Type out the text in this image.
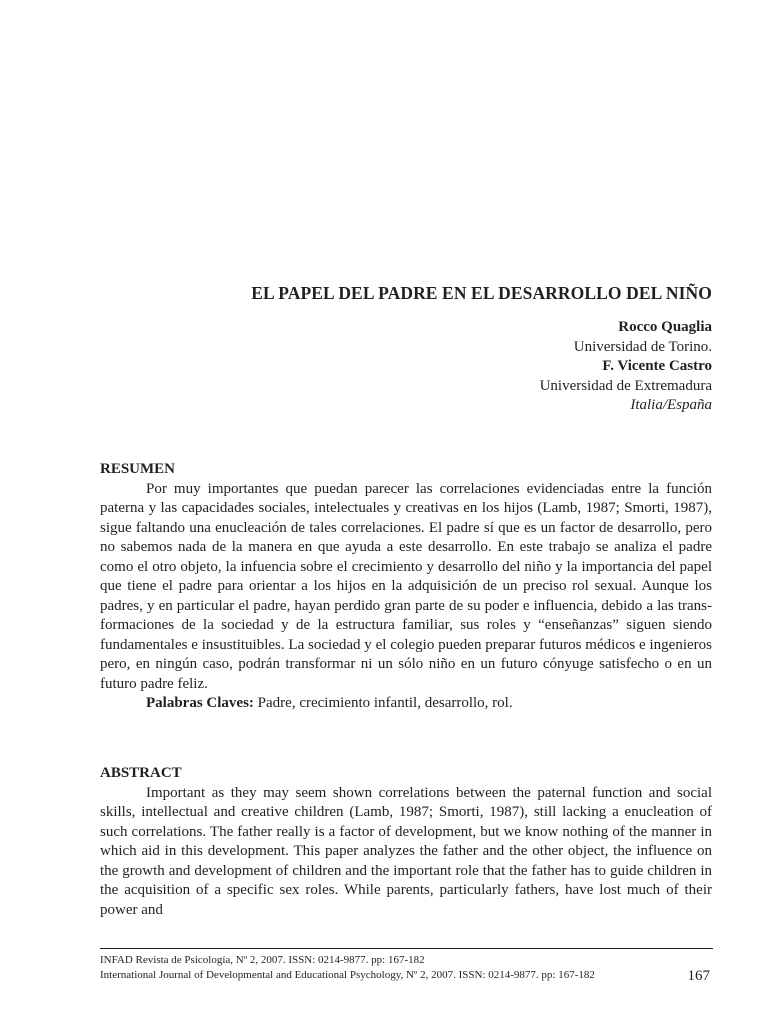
EL PAPEL DEL PADRE EN EL DESARROLLO DEL NIÑO
Rocco Quaglia
Universidad de Torino.
F. Vicente Castro
Universidad de Extremadura
Italia/España
RESUMEN

Por muy importantes que puedan parecer las correlaciones evidenciadas entre la función paterna y las capacidades sociales, intelectuales y creativas en los hijos (Lamb, 1987; Smorti, 1987), sigue faltando una enucleación de tales correlaciones. El padre sí que es un factor de desarrollo, pero no sabemos nada de la manera en que ayuda a este desarrollo. En este trabajo se analiza el padre como el otro objeto, la infuencia sobre el crecimiento y desarrollo del niño y la importancia del papel que tiene el padre para orientar a los hijos en la adquisición de un preciso rol sexual. Aunque los padres, y en particular el padre, hayan perdido gran parte de su poder e influencia, debido a las transformaciones de la sociedad y de la estructura familiar, sus roles y “enseñanzas” siguen siendo fundamentales e insustituibles. La sociedad y el colegio pueden preparar futuros médicos e ingenieros pero, en ningún caso, podrán transformar ni un sólo niño en un futuro cónyuge satisfecho o en un futuro padre feliz.

Palabras Claves: Padre, crecimiento infantil, desarrollo, rol.

ABSTRACT

Important as they may seem shown correlations between the paternal function and social skills, intellectual and creative children (Lamb, 1987; Smorti, 1987), still lacking a enucleation of such correlations. The father really is a factor of development, but we know nothing of the manner in which aid in this development. This paper analyzes the father and the other object, the influence on the growth and development of children and the important role that the father has to guide children in the acquisition of a specific sex roles. While parents, particularly fathers, have lost much of their power and

INFAD Revista de Psicología, Nº 2, 2007. ISSN: 0214-9877. pp: 167-182
International Journal of Developmental and Educational Psychology, Nº 2, 2007. ISSN: 0214-9877. pp: 167-182	167
